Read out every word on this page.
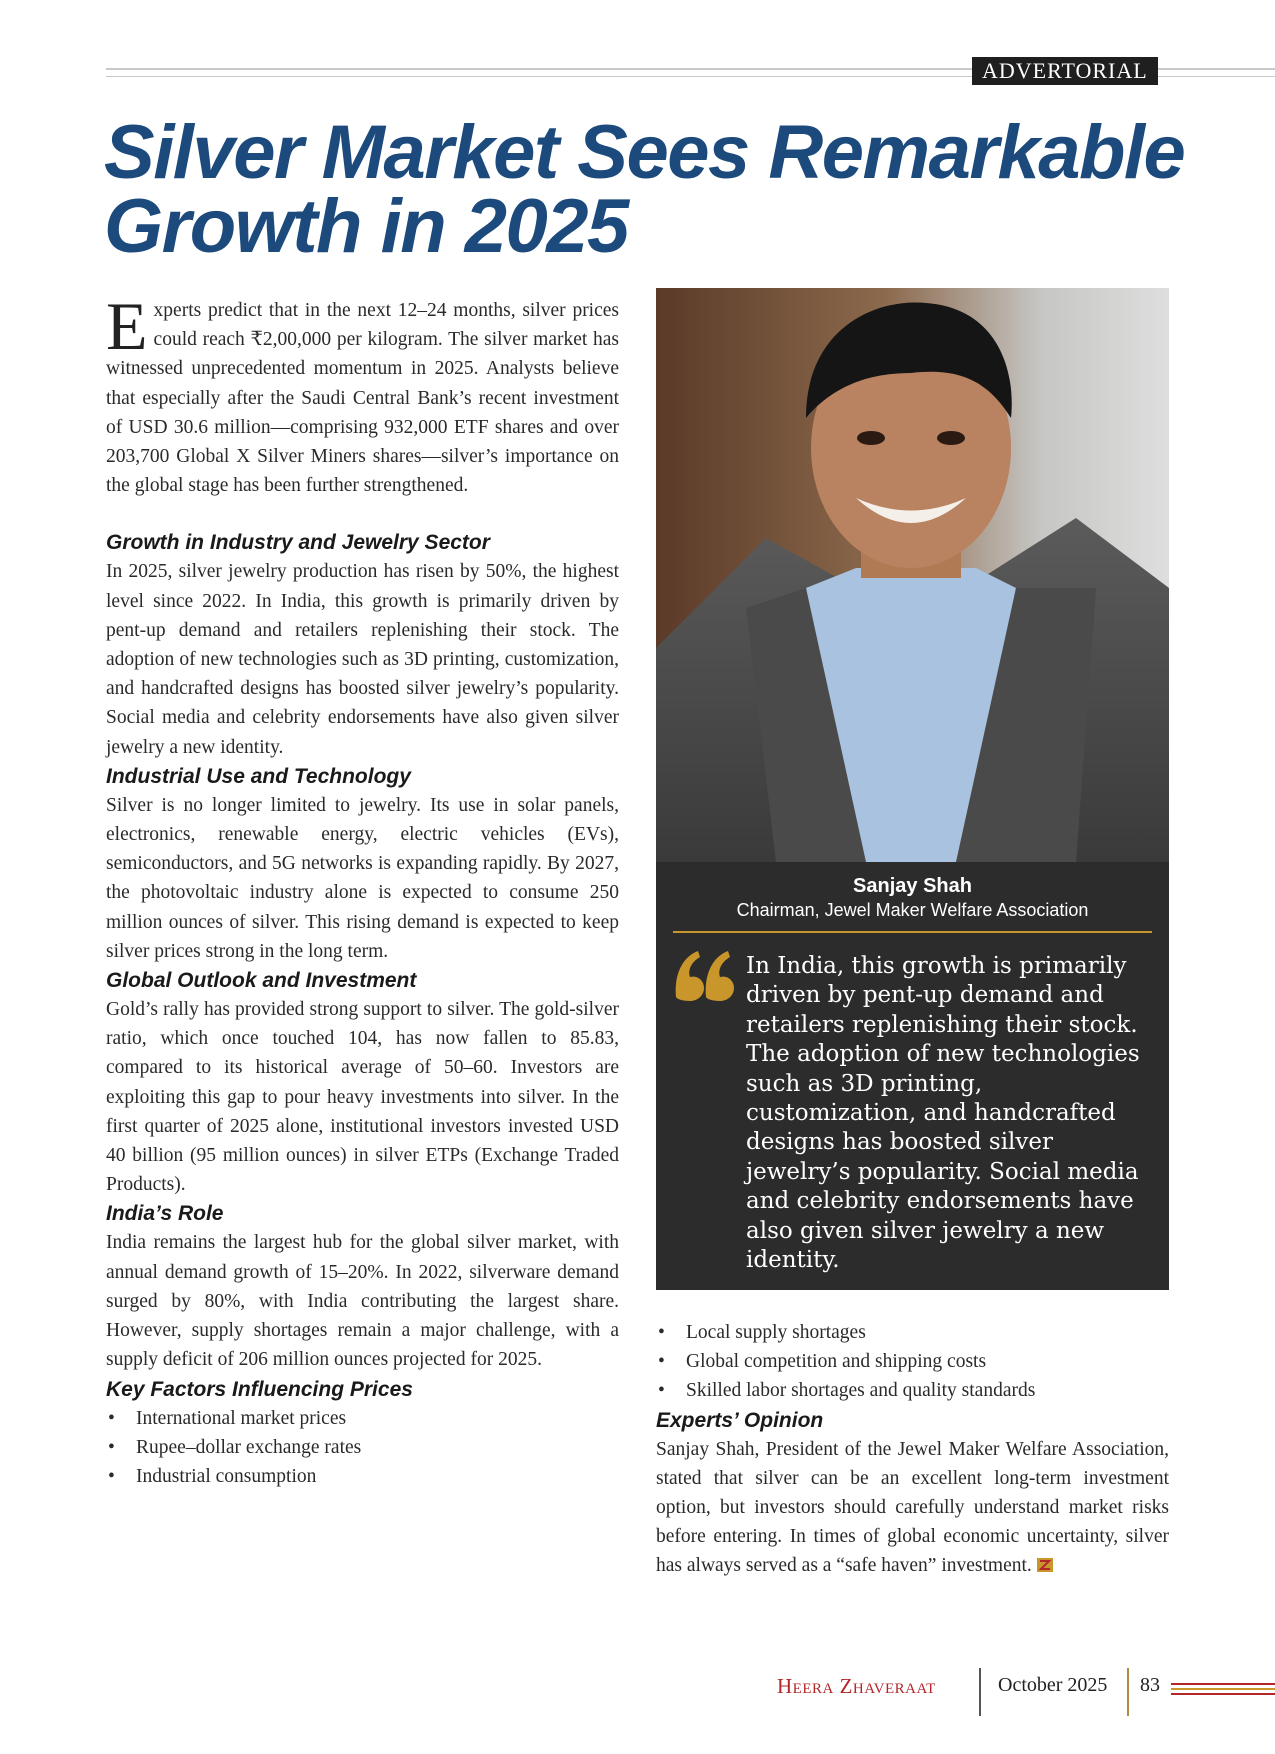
ADVERTORIAL
Silver Market Sees Remarkable
Growth in 2025

Experts predict that in the next 12–24 months, silver prices could reach ₹2,00,000 per kilogram. The silver market has witnessed unprecedented momentum in 2025. Analysts believe that especially after the Saudi Central Bank’s recent investment of USD 30.6 million—comprising 932,000 ETF shares and over 203,700 Global X Silver Miners shares—silver’s importance on the global stage has been further strengthened.

Growth in Industry and Jewelry Sector

In 2025, silver jewelry production has risen by 50%, the highest level since 2022. In India, this growth is primarily driven by pent-up demand and retailers replenishing their stock. The adoption of new technologies such as 3D printing, customization, and handcrafted designs has boosted silver jewelry’s popularity. Social media and celebrity endorsements have also given silver jewelry a new identity.

Industrial Use and Technology

Silver is no longer limited to jewelry. Its use in solar panels, electronics, renewable energy, electric vehicles (EVs), semiconductors, and 5G networks is expanding rapidly. By 2027, the photovoltaic industry alone is expected to consume 250 million ounces of silver. This rising demand is expected to keep silver prices strong in the long term.

Global Outlook and Investment

Gold’s rally has provided strong support to silver. The gold-silver ratio, which once touched 104, has now fallen to 85.83, compared to its historical average of 50–60. Investors are exploiting this gap to pour heavy investments into silver. In the first quarter of 2025 alone, institutional investors invested USD 40 billion (95 million ounces) in silver ETPs (Exchange Traded Products).

India’s Role

India remains the largest hub for the global silver market, with annual demand growth of 15–20%. In 2022, silverware demand surged by 80%, with India contributing the largest share. However, supply shortages remain a major challenge, with a supply deficit of 206 million ounces projected for 2025.

Key Factors Influencing Prices
• International market prices
• Rupee–dollar exchange rates
• Industrial consumption
Sanjay Shah
Chairman, Jewel Maker Welfare Association

In India, this growth is primarily driven by pent-up demand and retailers replenishing their stock. The adoption of new technologies such as 3D printing, customization, and handcrafted designs has boosted silver jewelry’s popularity. Social media and celebrity endorsements have also given silver jewelry a new identity.

• Local supply shortages
• Global competition and shipping costs
• Skilled labor shortages and quality standards
Experts’ Opinion

Sanjay Shah, President of the Jewel Maker Welfare Association, stated that silver can be an excellent long-term investment option, but investors should carefully understand market risks before entering. In times of global economic uncertainty, silver has always served as a “safe haven” investment.

Heera Zhaveraat	October 2025 83
